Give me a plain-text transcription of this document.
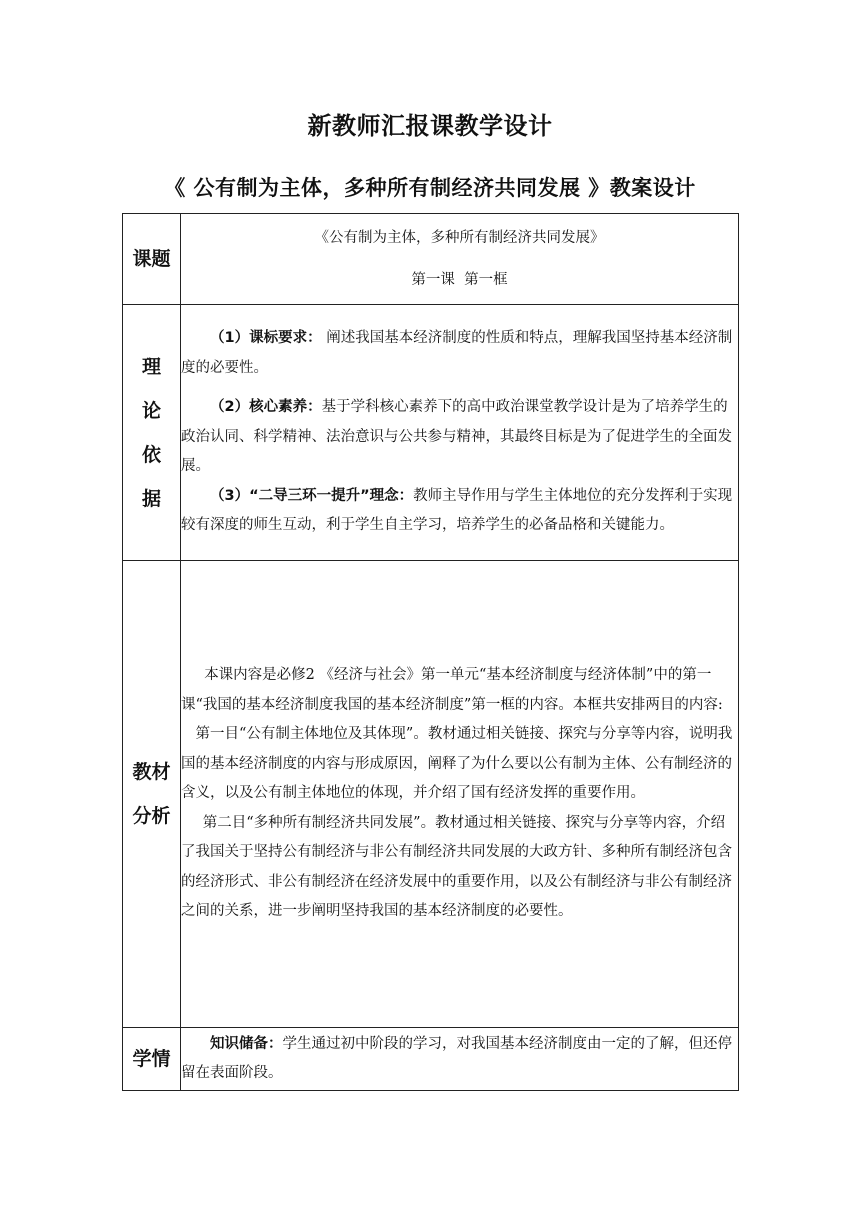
新教师汇报课教学设计
《 公有制为主体，多种所有制经济共同发展 》教案设计
课题	《公有制为主体，多种所有制经济共同发展》

第一课  第一框

理论依据	（1）课标要求： 阐述我国基本经济制度的性质和特点，理解我国坚持基本经济制度的必要性。

（2）核心素养：基于学科核心素养下的高中政治课堂教学设计是为了培养学生的政治认同、科学精神、法治意识与公共参与精神，其最终目标是为了促进学生的全面发展。

（3）“二导三环一提升”理念：教师主导作用与学生主体地位的充分发挥利于实现较有深度的师生互动，利于学生自主学习，培养学生的必备品格和关键能力。

教材分析	本课内容是必修2 《经济与社会》第一单元“基本经济制度与经济体制”中的第一课“我国的基本经济制度我国的基本经济制度”第一框的内容。本框共安排两目的内容:

第一目“公有制主体地位及其体现”。教材通过相关链接、探究与分享等内容，说明我国的基本经济制度的内容与形成原因，阐释了为什么要以公有制为主体、公有制经济的含义，以及公有制主体地位的体现，并介绍了国有经济发挥的重要作用。

第二目“多种所有制经济共同发展”。教材通过相关链接、探究与分享等内容，介绍了我国关于坚持公有制经济与非公有制经济共同发展的大政方针、多种所有制经济包含的经济形式、非公有制经济在经济发展中的重要作用，以及公有制经济与非公有制经济之间的关系，进一步阐明坚持我国的基本经济制度的必要性。

学情	知识储备：学生通过初中阶段的学习，对我国基本经济制度由一定的了解，但还停留在表面阶段。
